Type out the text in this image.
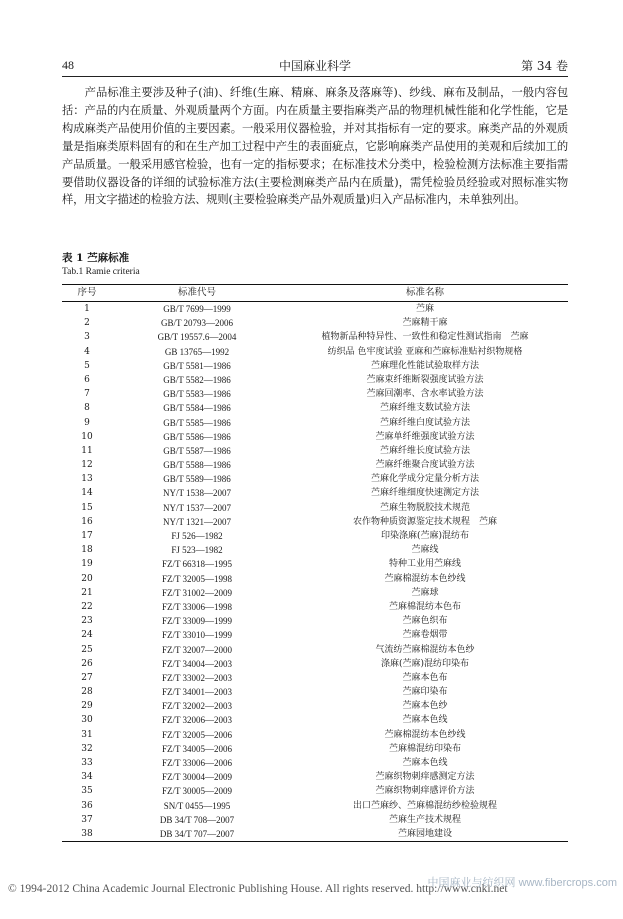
48	中国麻业科学	第 34 卷
产品标准主要涉及种子(油)、纤维(生麻、精麻、麻条及落麻等)、纱线、麻布及制品，一般内容包括：产品的内在质量、外观质量两个方面。内在质量主要指麻类产品的物理机械性能和化学性能，它是构成麻类产品使用价值的主要因素。一般采用仪器检验，并对其指标有一定的要求。麻类产品的外观质量是指麻类原料固有的和在生产加工过程中产生的表面疵点，它影响麻类产品使用的美观和后续加工的产品质量。一般采用感官检验，也有一定的指标要求；在标准技术分类中，检验检测方法标准主要指需要借助仪器设备的详细的试验标准方法(主要检测麻类产品内在质量)，需凭检验员经验或对照标准实物样，用文字描述的检验方法、规则(主要检验麻类产品外观质量)归入产品标准内，未单独列出。
表 1 苎麻标准
Tab.1 Ramie criteria
序号	标准代号	标准名称
1	GB/T 7699—1999	苎麻
2	GB/T 20793—2006	苎麻精干麻
3	GB/T 19557.6—2004	植物新品种特异性、一致性和稳定性测试指南　苎麻
4	GB 13765—1992	纺织品 色牢度试验 亚麻和苎麻标准贴衬织物规格
5	GB/T 5581—1986	苎麻理化性能试验取样方法
6	GB/T 5582—1986	苎麻束纤维断裂强度试验方法
7	GB/T 5583—1986	苎麻回潮率、含水率试验方法
8	GB/T 5584—1986	苎麻纤维支数试验方法
9	GB/T 5585—1986	苎麻纤维白度试验方法
10	GB/T 5586—1986	苎麻单纤维强度试验方法
11	GB/T 5587—1986	苎麻纤维长度试验方法
12	GB/T 5588—1986	苎麻纤维聚合度试验方法
13	GB/T 5589—1986	苎麻化学成分定量分析方法
14	NY/T 1538—2007	苎麻纤维细度快速测定方法
15	NY/T 1537—2007	苎麻生物脱胶技术规范
16	NY/T 1321—2007	农作物种质资源鉴定技术规程　苎麻
17	FJ 526—1982	印染涤麻(苎麻)混纺布
18	FJ 523—1982	苎麻线
19	FZ/T 66318—1995	特种工业用苎麻线
20	FZ/T 32005—1998	苎麻棉混纺本色纱线
21	FZ/T 31002—2009	苎麻球
22	FZ/T 33006—1998	苎麻棉混纺本色布
23	FZ/T 33009—1999	苎麻色织布
24	FZ/T 33010—1999	苎麻卷烟带
25	FZ/T 32007—2000	气流纺苎麻棉混纺本色纱
26	FZ/T 34004—2003	涤麻(苎麻)混纺印染布
27	FZ/T 33002—2003	苎麻本色布
28	FZ/T 34001—2003	苎麻印染布
29	FZ/T 32002—2003	苎麻本色纱
30	FZ/T 32006—2003	苎麻本色线
31	FZ/T 32005—2006	苎麻棉混纺本色纱线
32	FZ/T 34005—2006	苎麻棉混纺印染布
33	FZ/T 33006—2006	苎麻本色线
34	FZ/T 30004—2009	苎麻织物刺痒感测定方法
35	FZ/T 30005—2009	苎麻织物刺痒感评价方法
36	SN/T 0455—1995	出口苎麻纱、苎麻棉混纺纱检验规程
37	DB 34/T 708—2007	苎麻生产技术规程
38	DB 34/T 707—2007	苎麻园地建设
© 1994-2012 China Academic Journal Electronic Publishing House. All rights reserved. http://www.cnki.net
中国麻业与纺织网 www.fibercrops.com
